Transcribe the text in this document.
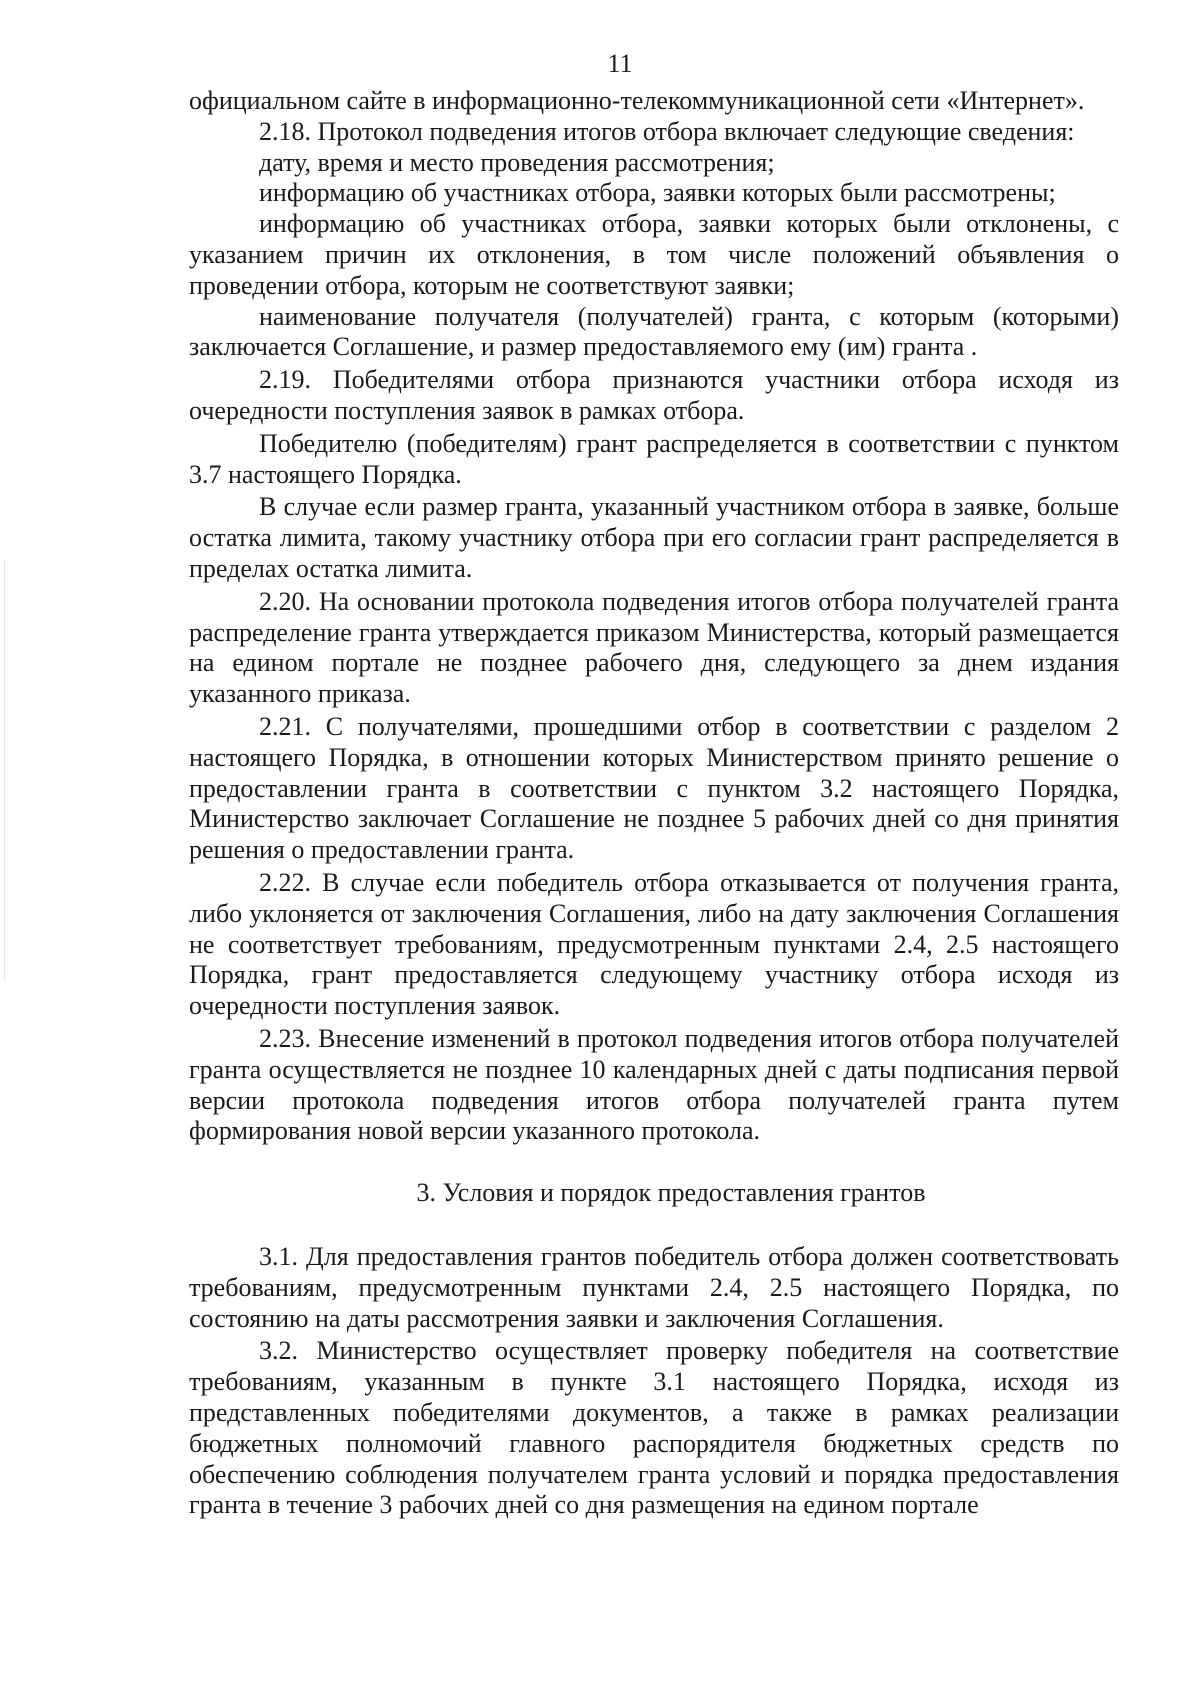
11

официальном сайте в информационно-телекоммуникационной сети «Интернет».

2.18. Протокол подведения итогов отбора включает следующие сведения:

дату, время и место проведения рассмотрения;

информацию об участниках отбора, заявки которых были рассмотрены;

информацию об участниках отбора, заявки которых были отклонены, с указанием причин их отклонения, в том числе положений объявления о проведении отбора, которым не соответствуют заявки;

наименование получателя (получателей) гранта, с которым (которыми) заключается Соглашение, и размер предоставляемого ему (им) гранта .

2.19. Победителями отбора признаются участники отбора исходя из очередности поступления заявок в рамках отбора.

Победителю (победителям) грант распределяется в соответствии с пунктом 3.7 настоящего Порядка.

В случае если размер гранта, указанный участником отбора в заявке, больше остатка лимита, такому участнику отбора при его согласии грант распределяется в пределах остатка лимита.

2.20. На основании протокола подведения итогов отбора получателей гранта распределение гранта утверждается приказом Министерства, который размещается на едином портале не позднее рабочего дня, следующего за днем издания указанного приказа.

2.21. С получателями, прошедшими отбор в соответствии с разделом 2 настоящего Порядка, в отношении которых Министерством принято решение о предоставлении гранта в соответствии с пунктом 3.2 настоящего Порядка, Министерство заключает Соглашение не позднее 5 рабочих дней со дня принятия решения о предоставлении гранта.

2.22. В случае если победитель отбора отказывается от получения гранта, либо уклоняется от заключения Соглашения, либо на дату заключения Соглашения не соответствует требованиям, предусмотренным пунктами 2.4, 2.5 настоящего Порядка, грант предоставляется следующему участнику отбора исходя из очередности поступления заявок.

2.23. Внесение изменений в протокол подведения итогов отбора получателей гранта осуществляется не позднее 10 календарных дней с даты подписания первой версии протокола подведения итогов отбора получателей гранта путем формирования новой версии указанного протокола.

3. Условия и порядок предоставления грантов

3.1. Для предоставления грантов победитель отбора должен соответствовать требованиям, предусмотренным пунктами 2.4, 2.5 настоящего Порядка, по состоянию на даты рассмотрения заявки и заключения Соглашения.

3.2. Министерство осуществляет проверку победителя на соответствие требованиям, указанным в пункте 3.1 настоящего Порядка, исходя из представленных победителями документов, а также в рамках реализации бюджетных полномочий главного распорядителя бюджетных средств по обеспечению соблюдения получателем гранта условий и порядка предоставления гранта в течение 3 рабочих дней со дня размещения на едином портале
